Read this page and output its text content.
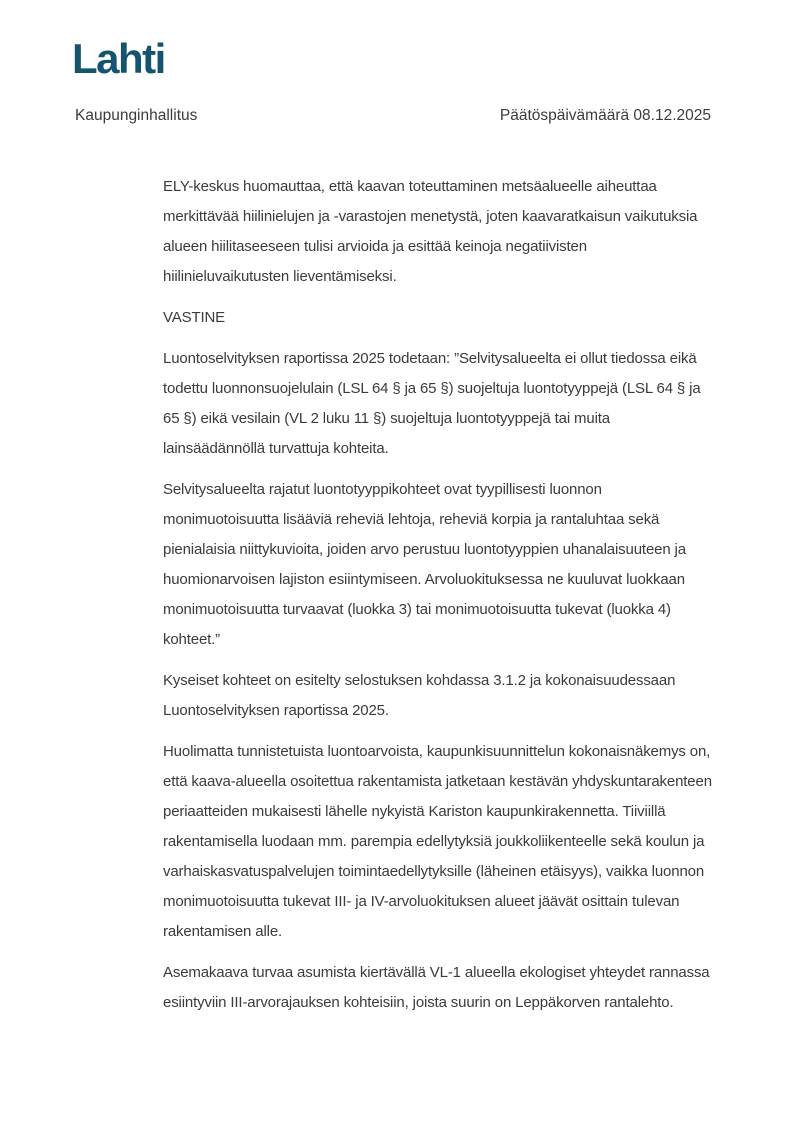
Lahti
Kaupunginhallitus	Päätöspäivämäärä 08.12.2025

ELY-keskus huomauttaa, että kaavan toteuttaminen metsäalueelle aiheuttaa merkittävää hiilinielujen ja -varastojen menetystä, joten kaavaratkaisun vaikutuksia alueen hiilitaseeseen tulisi arvioida ja esittää keinoja negatiivisten hiilinieluvaikutusten lieventämiseksi.

VASTINE

Luontoselvityksen raportissa 2025 todetaan: ”Selvitysalueelta ei ollut tiedossa eikä todettu luonnonsuojelulain (LSL 64 § ja 65 §) suojeltuja luontotyyppejä (LSL 64 § ja 65 §) eikä vesilain (VL 2 luku 11 §) suojeltuja luontotyyppejä tai muita lainsäädännöllä turvattuja kohteita.

Selvitysalueelta rajatut luontotyyppikohteet ovat tyypillisesti luonnon monimuotoisuutta lisääviä reheviä lehtoja, reheviä korpia ja rantaluhtaa sekä pienialaisia niittykuvioita, joiden arvo perustuu luontotyyppien uhanalaisuuteen ja huomionarvoisen lajiston esiintymiseen. Arvoluokituksessa ne kuuluvat luokkaan monimuotoisuutta turvaavat (luokka 3) tai monimuotoisuutta tukevat (luokka 4) kohteet.”

Kyseiset kohteet on esitelty selostuksen kohdassa 3.1.2 ja kokonaisuudessaan Luontoselvityksen raportissa 2025.

Huolimatta tunnistetuista luontoarvoista, kaupunkisuunnittelun kokonaisnäkemys on, että kaava-alueella osoitettua rakentamista jatketaan kestävän yhdyskuntarakenteen periaatteiden mukaisesti lähelle nykyistä Kariston kaupunkirakennetta. Tiiviillä rakentamisella luodaan mm. parempia edellytyksiä joukkoliikenteelle sekä koulun ja varhaiskasvatuspalvelujen toimintaedellytyksille (läheinen etäisyys), vaikka luonnon monimuotoisuutta tukevat III- ja IV-arvoluokituksen alueet jäävät osittain tulevan rakentamisen alle.

Asemakaava turvaa asumista kiertävällä VL-1 alueella ekologiset yhteydet rannassa esiintyviin III-arvorajauksen kohteisiin, joista suurin on Leppäkorven rantalehto.
